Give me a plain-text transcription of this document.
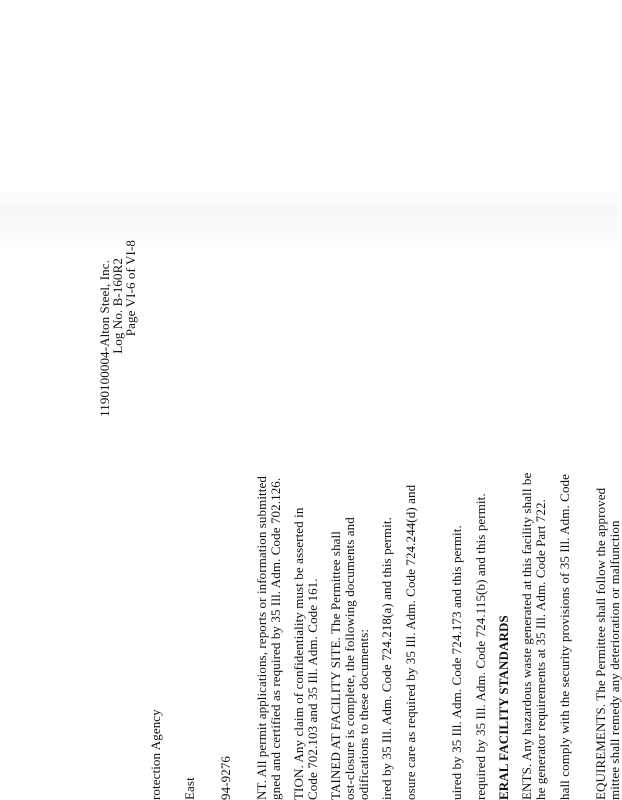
1190100004-Alton Steel, Inc.
Log No. B-160R2
Page VI-6 of VI-8
rotection Agency East 94-9276 NT. All permit applications, reports or information submitted gned and certified as required by 35 Ill. Adm. Code 702.126. TION. Any claim of confidentiality must be asserted in Code 702.103 and 35 Ill. Adm. Code 161. TAINED AT FACILITY SITE. The Permittee shall ost-closure is complete, the following documents and odifications to these documents: ired by 35 Ill. Adm. Code 724.218(a) and this permit. osure care as required by 35 Ill. Adm. Code 724.244(d) and uired by 35 Ill. Adm. Code 724.173 and this permit. required by 35 Ill. Adm. Code 724.115(b) and this permit. ERAL FACILITY STANDARDS ENTS. Any hazardous waste generated at this facility shall be he generator requirements at 35 Ill. Adm. Code Part 722. hall comply with the security provisions of 35 Ill. Adm. Code EQUIREMENTS. The Permittee shall follow the approved mittee shall remedy any deterioration or malfunction
